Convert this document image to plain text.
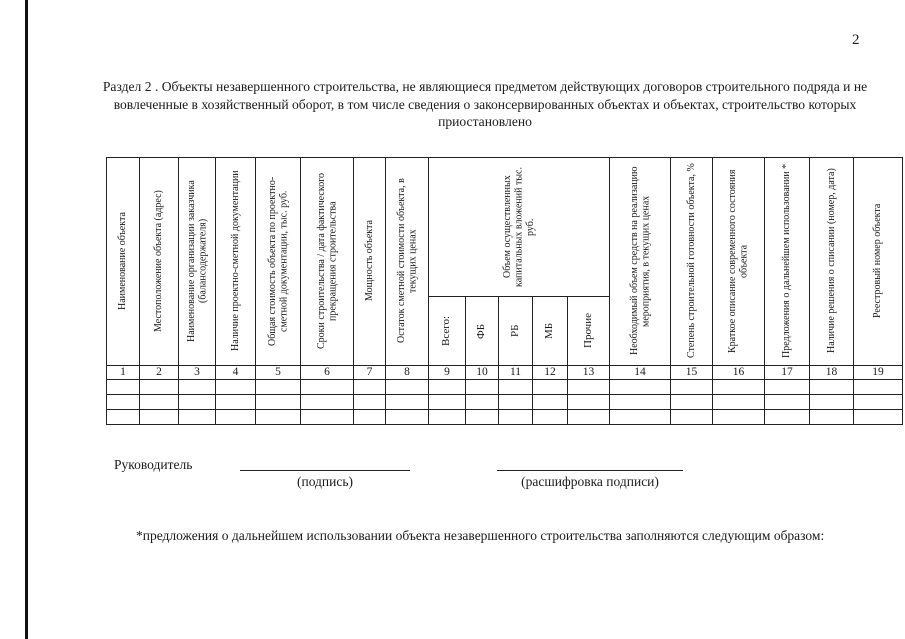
2
Раздел 2 . Объекты незавершенного строительства, не являющиеся предметом действующих договоров строительного подряда и не вовлеченные в хозяйственный оборот, в том числе сведения о законсервированных объектах и объектах, строительство которых приостановлено
Наименование объекта	Местоположение объекта (адрес)	Наименование организации заказчика (балансодержателя)	Наличие проектно-сметной документации	Общая стоимость объекта по проектно-сметной документации, тыс. руб.	Сроки строительства / дата фактического прекращения строительства	Мощность объекта	Остаток сметной стоимости объекта, в текущих ценах	Объем осуществленных капитальных вложений тыс. руб.					Необходимый объем средств на реализацию мероприятия, в текущих ценах	Степень строительной готовности объекта, %	Краткое описание современного состояния объекта	Предложения о дальнейшем использовании *	Наличие решения о списании (номер, дата)	Реестровый номер объекта

								Всего:	ФБ	РБ	МБ	Прочие						

1	2	3	4	5	6	7	8	9	10	11	12	13	14	15	16	17	18	19

Руководитель
(подпись)	(расшифровка подписи)
*предложения о дальнейшем использовании объекта незавершенного строительства заполняются следующим образом:
